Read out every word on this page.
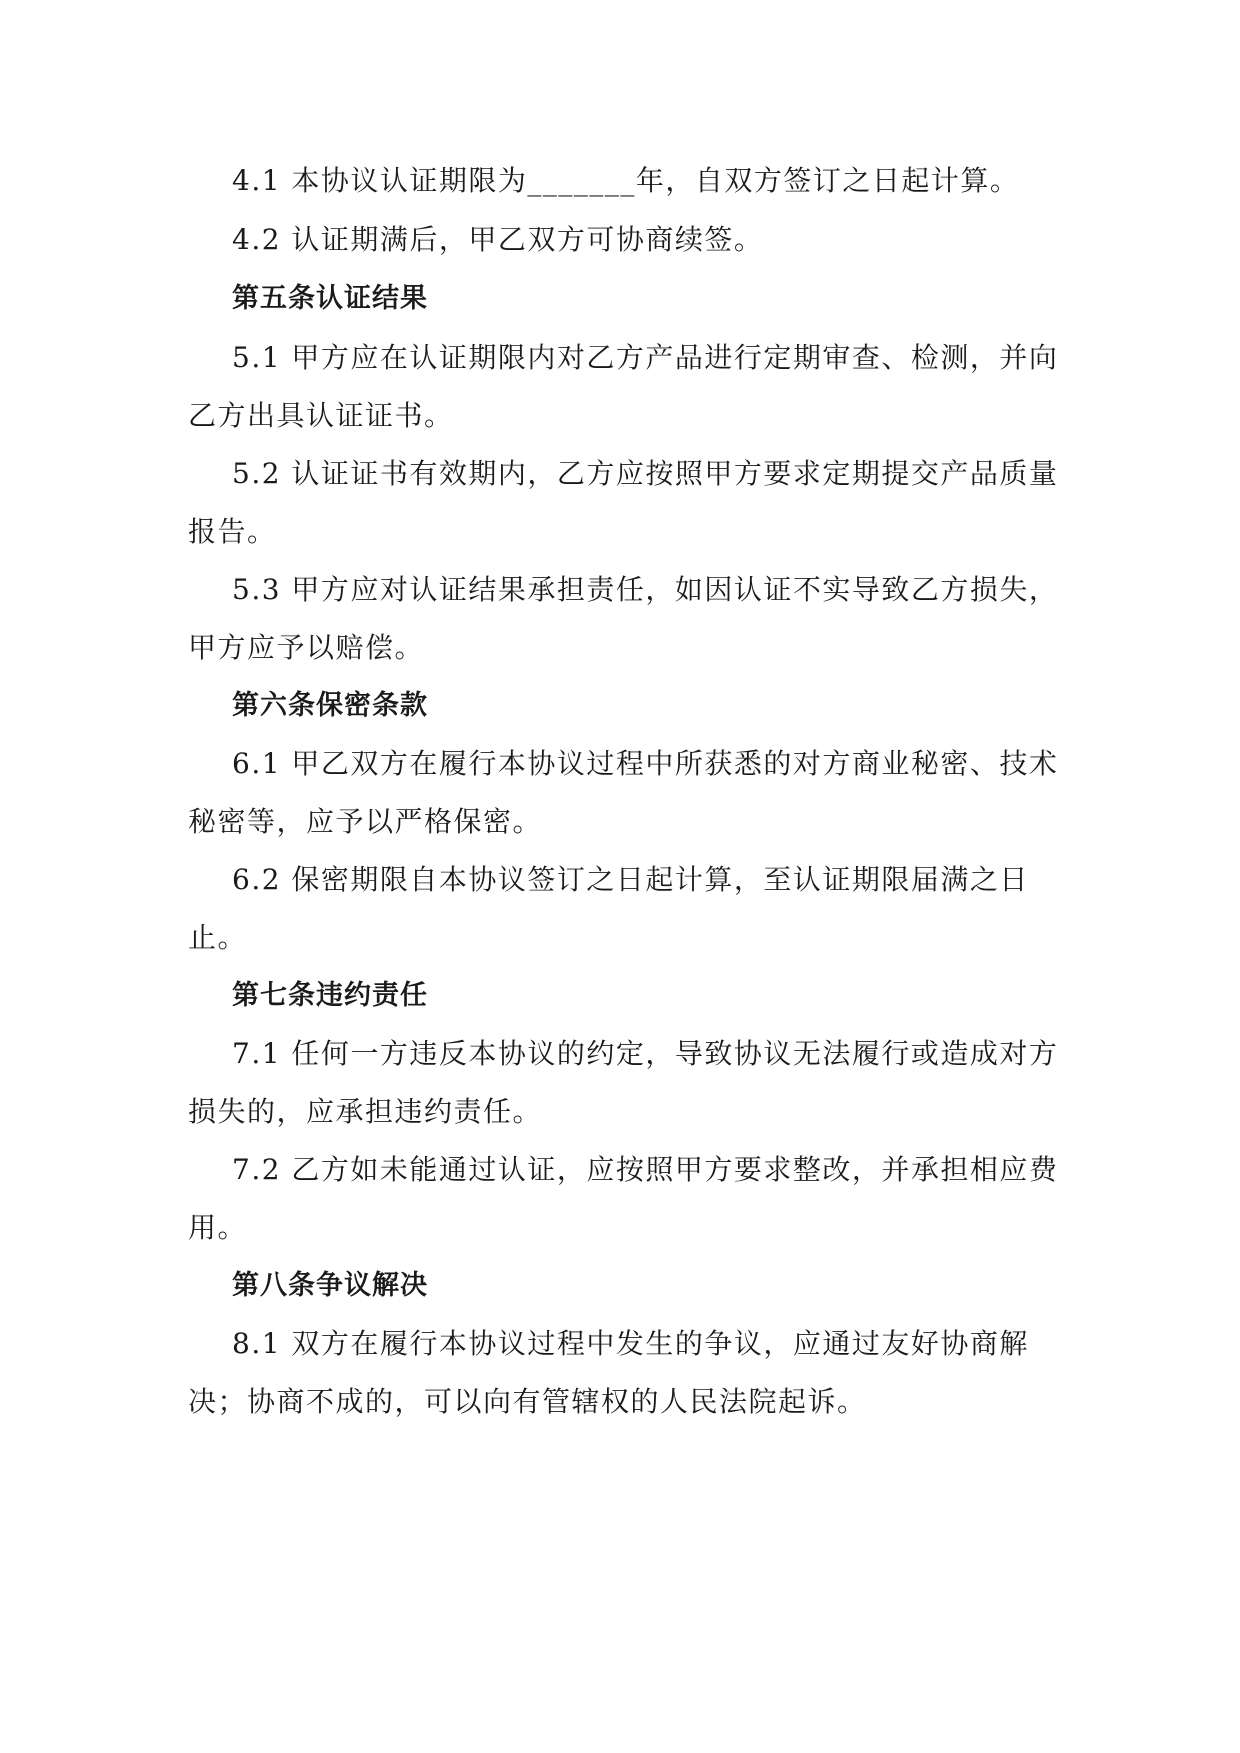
4.1 本协议认证期限为_______年，自双方签订之日起计算。
4.2 认证期满后，甲乙双方可协商续签。
第五条认证结果
5.1 甲方应在认证期限内对乙方产品进行定期审查、检测，并向
乙方出具认证证书。
5.2 认证证书有效期内，乙方应按照甲方要求定期提交产品质量
报告。
5.3 甲方应对认证结果承担责任，如因认证不实导致乙方损失，
甲方应予以赔偿。
第六条保密条款
6.1 甲乙双方在履行本协议过程中所获悉的对方商业秘密、技术
秘密等，应予以严格保密。
6.2 保密期限自本协议签订之日起计算，至认证期限届满之日
止。
第七条违约责任
7.1 任何一方违反本协议的约定，导致协议无法履行或造成对方
损失的，应承担违约责任。
7.2 乙方如未能通过认证，应按照甲方要求整改，并承担相应费
用。
第八条争议解决
8.1 双方在履行本协议过程中发生的争议，应通过友好协商解
决；协商不成的，可以向有管辖权的人民法院起诉。
